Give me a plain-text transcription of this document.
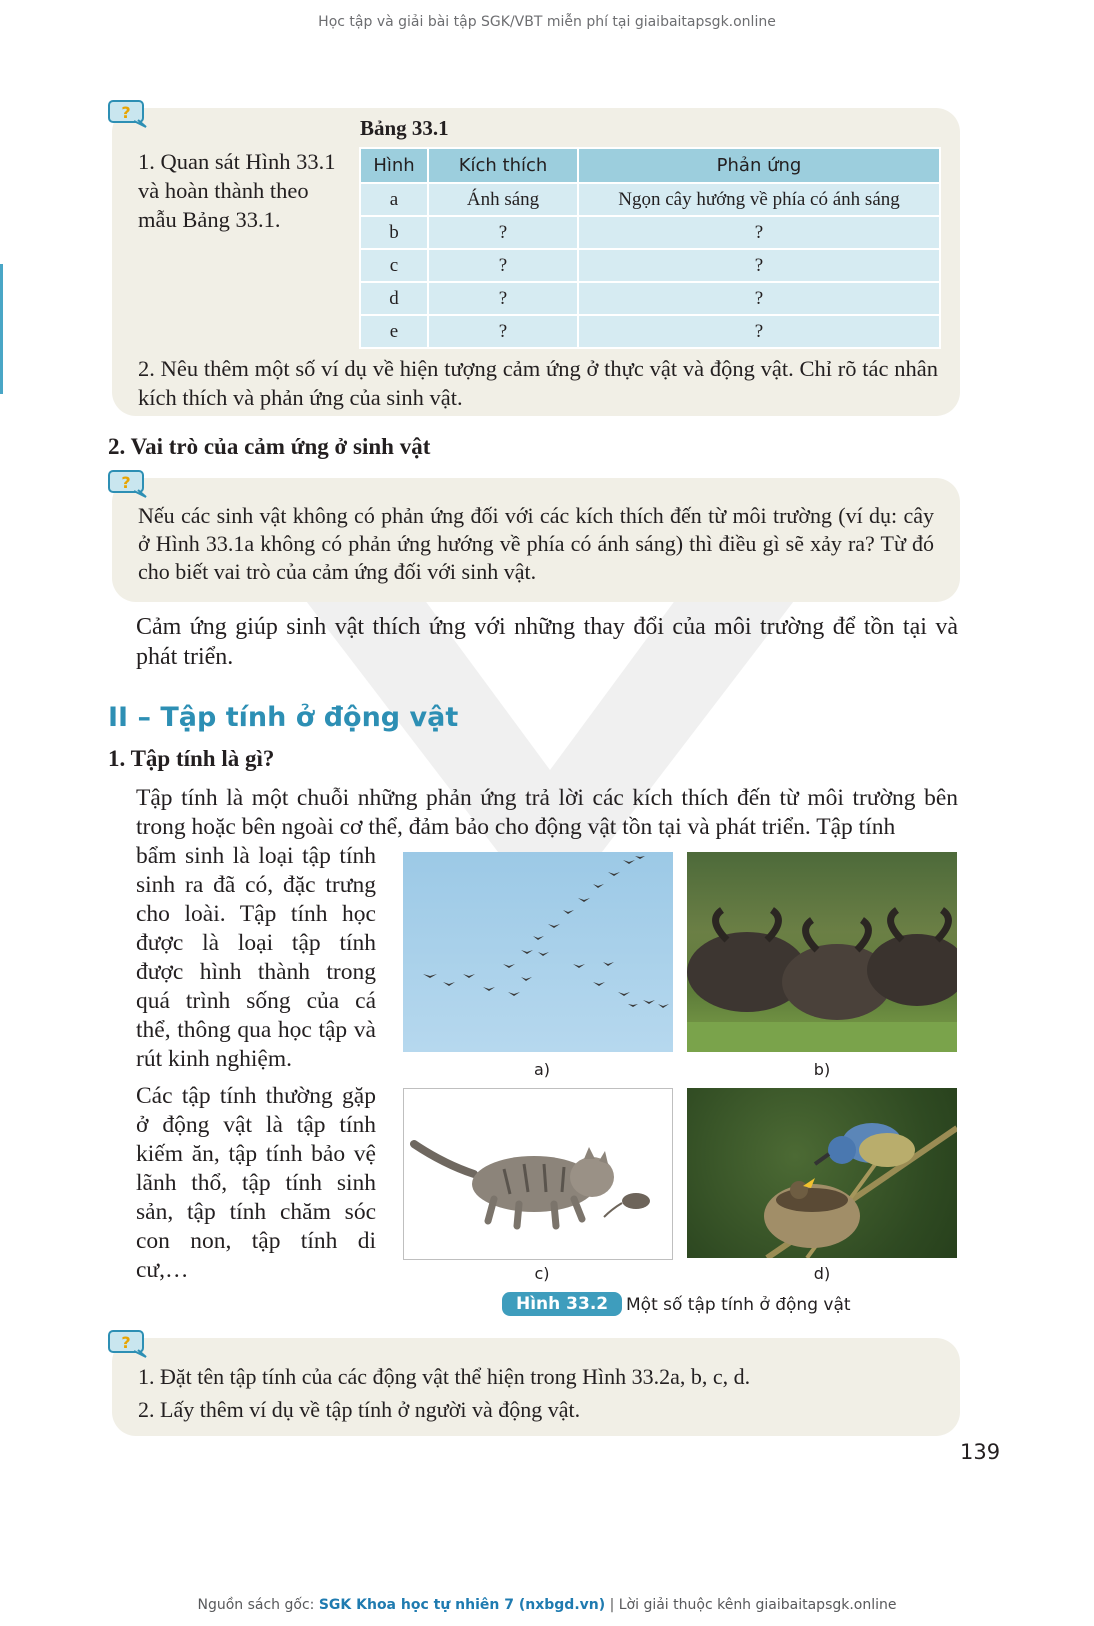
Học tập và giải bài tập SGK/VBT miễn phí tại giaibaitapsgk.online
?
1. Quan sát Hình 33.1 và hoàn thành theo mẫu Bảng 33.1.
Bảng 33.1
Hình	Kích thích	Phản ứng
a	Ánh sáng	Ngọn cây hướng về phía có ánh sáng
b	?	?
c	?	?
d	?	?
e	?	?
2. Nêu thêm một số ví dụ về hiện tượng cảm ứng ở thực vật và động vật. Chỉ rõ tác nhân kích thích và phản ứng của sinh vật.
2. Vai trò của cảm ứng ở sinh vật
?
Nếu các sinh vật không có phản ứng đối với các kích thích đến từ môi trường (ví dụ: cây ở Hình 33.1a không có phản ứng hướng về phía có ánh sáng) thì điều gì sẽ xảy ra? Từ đó cho biết vai trò của cảm ứng đối với sinh vật.
Cảm ứng giúp sinh vật thích ứng với những thay đổi của môi trường để tồn tại và phát triển.
II – Tập tính ở động vật
1. Tập tính là gì?
Tập tính là một chuỗi những phản ứng trả lời các kích thích đến từ môi trường bên trong hoặc bên ngoài cơ thể, đảm bảo cho động vật tồn tại và phát triển. Tập tính
bẩm sinh là loại tập tính sinh ra đã có, đặc trưng cho loài. Tập tính học được là loại tập tính được hình thành trong quá trình sống của cá thể, thông qua học tập và rút kinh nghiệm.
Các tập tính thường gặp ở động vật là tập tính kiếm ăn, tập tính bảo vệ lãnh thổ, tập tính sinh sản, tập tính chăm sóc con non, tập tính di cư,…
a)	b)
c)	d)
Hình 33.2	Một số tập tính ở động vật
?
1. Đặt tên tập tính của các động vật thể hiện trong Hình 33.2a, b, c, d.
2. Lấy thêm ví dụ về tập tính ở người và động vật.
139
Nguồn sách gốc: SGK Khoa học tự nhiên 7 (nxbgd.vn) | Lời giải thuộc kênh giaibaitapsgk.online
